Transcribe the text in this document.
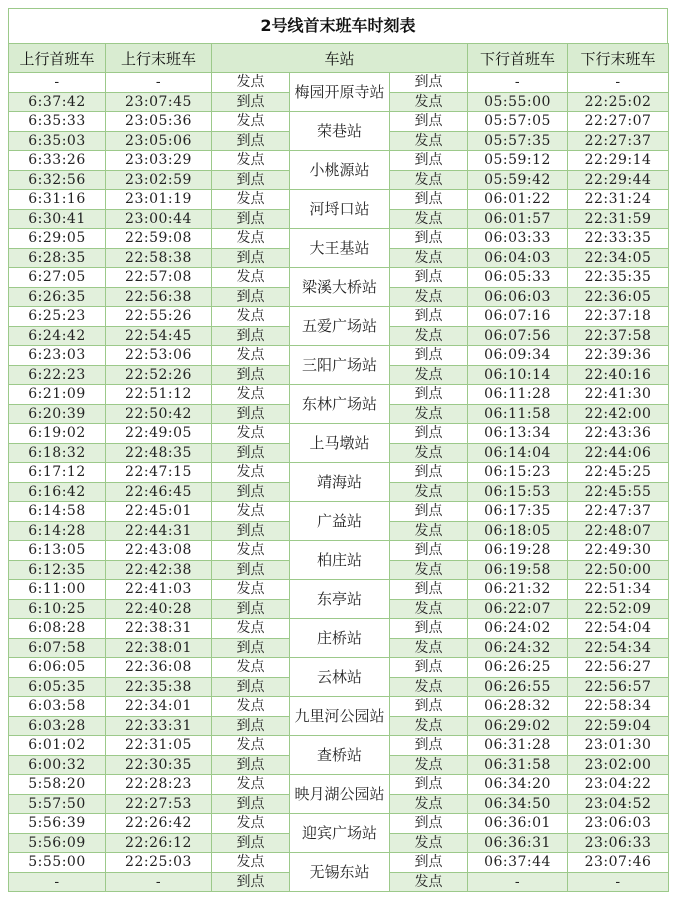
2号线首末班车时刻表
上行首班车	上行末班车	车站			下行首班车	下行末班车
-	-	发点	梅园开原寺站	到点	-	-
6:37:42	23:07:45	到点		发点	05:55:00	22:25:02
6:35:33	23:05:36	发点	荣巷站	到点	05:57:05	22:27:07
6:35:03	23:05:06	到点		发点	05:57:35	22:27:37
6:33:26	23:03:29	发点	小桃源站	到点	05:59:12	22:29:14
6:32:56	23:02:59	到点		发点	05:59:42	22:29:44
6:31:16	23:01:19	发点	河埒口站	到点	06:01:22	22:31:24
6:30:41	23:00:44	到点		发点	06:01:57	22:31:59
6:29:05	22:59:08	发点	大王基站	到点	06:03:33	22:33:35
6:28:35	22:58:38	到点		发点	06:04:03	22:34:05
6:27:05	22:57:08	发点	梁溪大桥站	到点	06:05:33	22:35:35
6:26:35	22:56:38	到点		发点	06:06:03	22:36:05
6:25:23	22:55:26	发点	五爱广场站	到点	06:07:16	22:37:18
6:24:42	22:54:45	到点		发点	06:07:56	22:37:58
6:23:03	22:53:06	发点	三阳广场站	到点	06:09:34	22:39:36
6:22:23	22:52:26	到点		发点	06:10:14	22:40:16
6:21:09	22:51:12	发点	东林广场站	到点	06:11:28	22:41:30
6:20:39	22:50:42	到点		发点	06:11:58	22:42:00
6:19:02	22:49:05	发点	上马墩站	到点	06:13:34	22:43:36
6:18:32	22:48:35	到点		发点	06:14:04	22:44:06
6:17:12	22:47:15	发点	靖海站	到点	06:15:23	22:45:25
6:16:42	22:46:45	到点		发点	06:15:53	22:45:55
6:14:58	22:45:01	发点	广益站	到点	06:17:35	22:47:37
6:14:28	22:44:31	到点		发点	06:18:05	22:48:07
6:13:05	22:43:08	发点	柏庄站	到点	06:19:28	22:49:30
6:12:35	22:42:38	到点		发点	06:19:58	22:50:00
6:11:00	22:41:03	发点	东亭站	到点	06:21:32	22:51:34
6:10:25	22:40:28	到点		发点	06:22:07	22:52:09
6:08:28	22:38:31	发点	庄桥站	到点	06:24:02	22:54:04
6:07:58	22:38:01	到点		发点	06:24:32	22:54:34
6:06:05	22:36:08	发点	云林站	到点	06:26:25	22:56:27
6:05:35	22:35:38	到点		发点	06:26:55	22:56:57
6:03:58	22:34:01	发点	九里河公园站	到点	06:28:32	22:58:34
6:03:28	22:33:31	到点		发点	06:29:02	22:59:04
6:01:02	22:31:05	发点	查桥站	到点	06:31:28	23:01:30
6:00:32	22:30:35	到点		发点	06:31:58	23:02:00
5:58:20	22:28:23	发点	映月湖公园站	到点	06:34:20	23:04:22
5:57:50	22:27:53	到点		发点	06:34:50	23:04:52
5:56:39	22:26:42	发点	迎宾广场站	到点	06:36:01	23:06:03
5:56:09	22:26:12	到点		发点	06:36:31	23:06:33
5:55:00	22:25:03	发点	无锡东站	到点	06:37:44	23:07:46
-	-	到点		发点	-	-
